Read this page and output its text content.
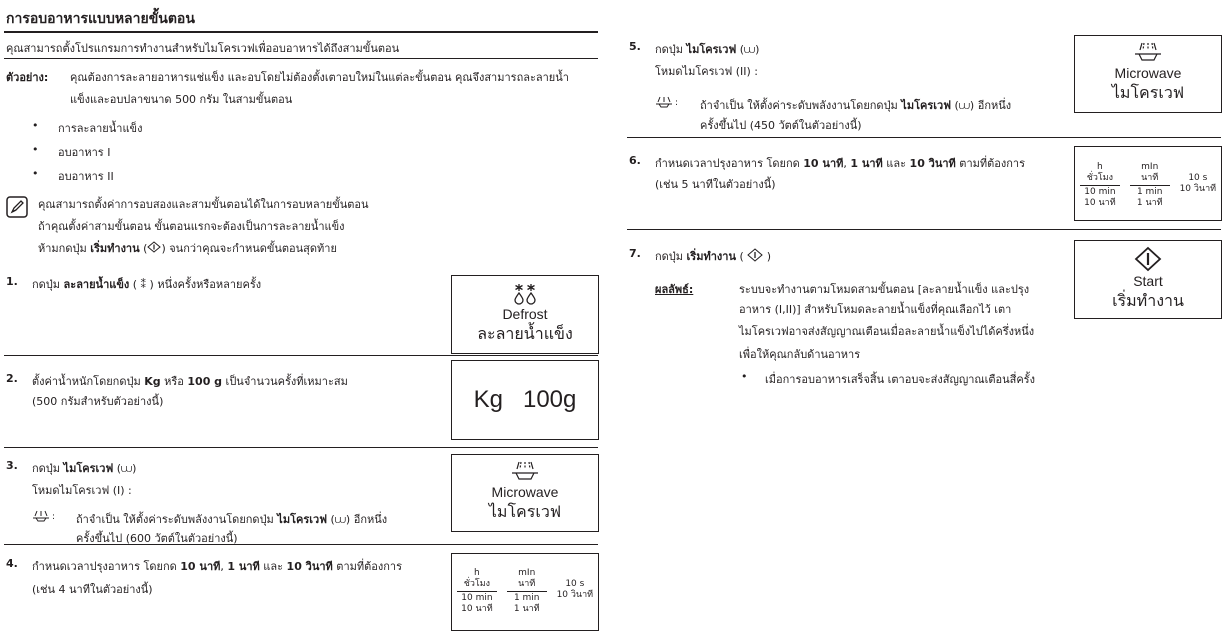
การอบอาหารแบบหลายขั้นตอน
คุณสามารถตั้งโปรแกรมการทำงานสำหรับไมโครเวฟเพื่ออบอาหารได้ถึงสามขั้นตอน
ตัวอย่าง: คุณต้องการละลายอาหารแช่แข็ง และอบโดยไม่ต้องตั้งเตาอบใหม่ในแต่ละขั้นตอน คุณจึงสามารถละลายน้ำ
แข็งและอบปลาขนาด 500 กรัม ในสามขั้นตอน
• การละลายน้ำแข็ง
• อบอาหาร I
• อบอาหาร II
คุณสามารถตั้งค่าการอบสองและสามขั้นตอนได้ในการอบหลายขั้นตอน
ถ้าคุณตั้งค่าสามขั้นตอน ขั้นตอนแรกจะต้องเป็นการละลายน้ำแข็ง
ห้ามกดปุ่ม เริ่มทำงาน ( ) จนกว่าคุณจะกำหนดขั้นตอนสุดท้าย
1. กดปุ่ม ละลายน้ำแข็ง ( ⁑ ) หนึ่งครั้งหรือหลายครั้ง
Defrost
ละลายน้ำแข็ง
2. ตั้งค่าน้ำหนักโดยกดปุ่ม Kg หรือ 100 g เป็นจำนวนครั้งที่เหมาะสม
(500 กรัมสำหรับตัวอย่างนี้)	Kg 100g
3. กดปุ่ม ไมโครเวฟ (⩊)
โหมดไมโครเวฟ (I) :
: ถ้าจำเป็น ให้ตั้งค่าระดับพลังงานโดยกดปุ่ม ไมโครเวฟ (⩊) อีกหนึ่ง
ครั้งขึ้นไป (600 วัตต์ในตัวอย่างนี้)
Microwave
ไมโครเวฟ
4. กำหนดเวลาปรุงอาหาร โดยกด 10 นาที, 1 นาที และ 10 วินาที ตามที่ต้องการ
(เช่น 4 นาทีในตัวอย่างนี้)
h
ชั่วโมง
10 min
10 นาที
mIn
นาที
1 min
1 นาที
10 s
10 วินาที
5. กดปุ่ม ไมโครเวฟ (⩊)
โหมดไมโครเวฟ (II) :
: ถ้าจำเป็น ให้ตั้งค่าระดับพลังงานโดยกดปุ่ม ไมโครเวฟ (⩊) อีกหนึ่ง
ครั้งขึ้นไป (450 วัตต์ในตัวอย่างนี้)
Microwave
ไมโครเวฟ
6. กำหนดเวลาปรุงอาหาร โดยกด 10 นาที, 1 นาที และ 10 วินาที ตามที่ต้องการ
(เช่น 5 นาทีในตัวอย่างนี้)
h
ชั่วโมง
10 min
10 นาที
mIn
นาที
1 min
1 นาที
10 s
10 วินาที
7. กดปุ่ม เริ่มทำงาน (  )
ผลลัพธ์:	ระบบจะทำงานตามโหมดสามขั้นตอน [ละลายน้ำแข็ง และปรุง
อาหาร (I,II)] สำหรับโหมดละลายน้ำแข็งที่คุณเลือกไว้ เตา
ไมโครเวฟอาจส่งสัญญาณเตือนเมื่อละลายน้ำแข็งไปได้ครึ่งหนึ่ง
เพื่อให้คุณกลับด้านอาหาร
• เมื่อการอบอาหารเสร็จสิ้น เตาอบจะส่งสัญญาณเตือนสี่ครั้ง
Start
เริ่มทำงาน
